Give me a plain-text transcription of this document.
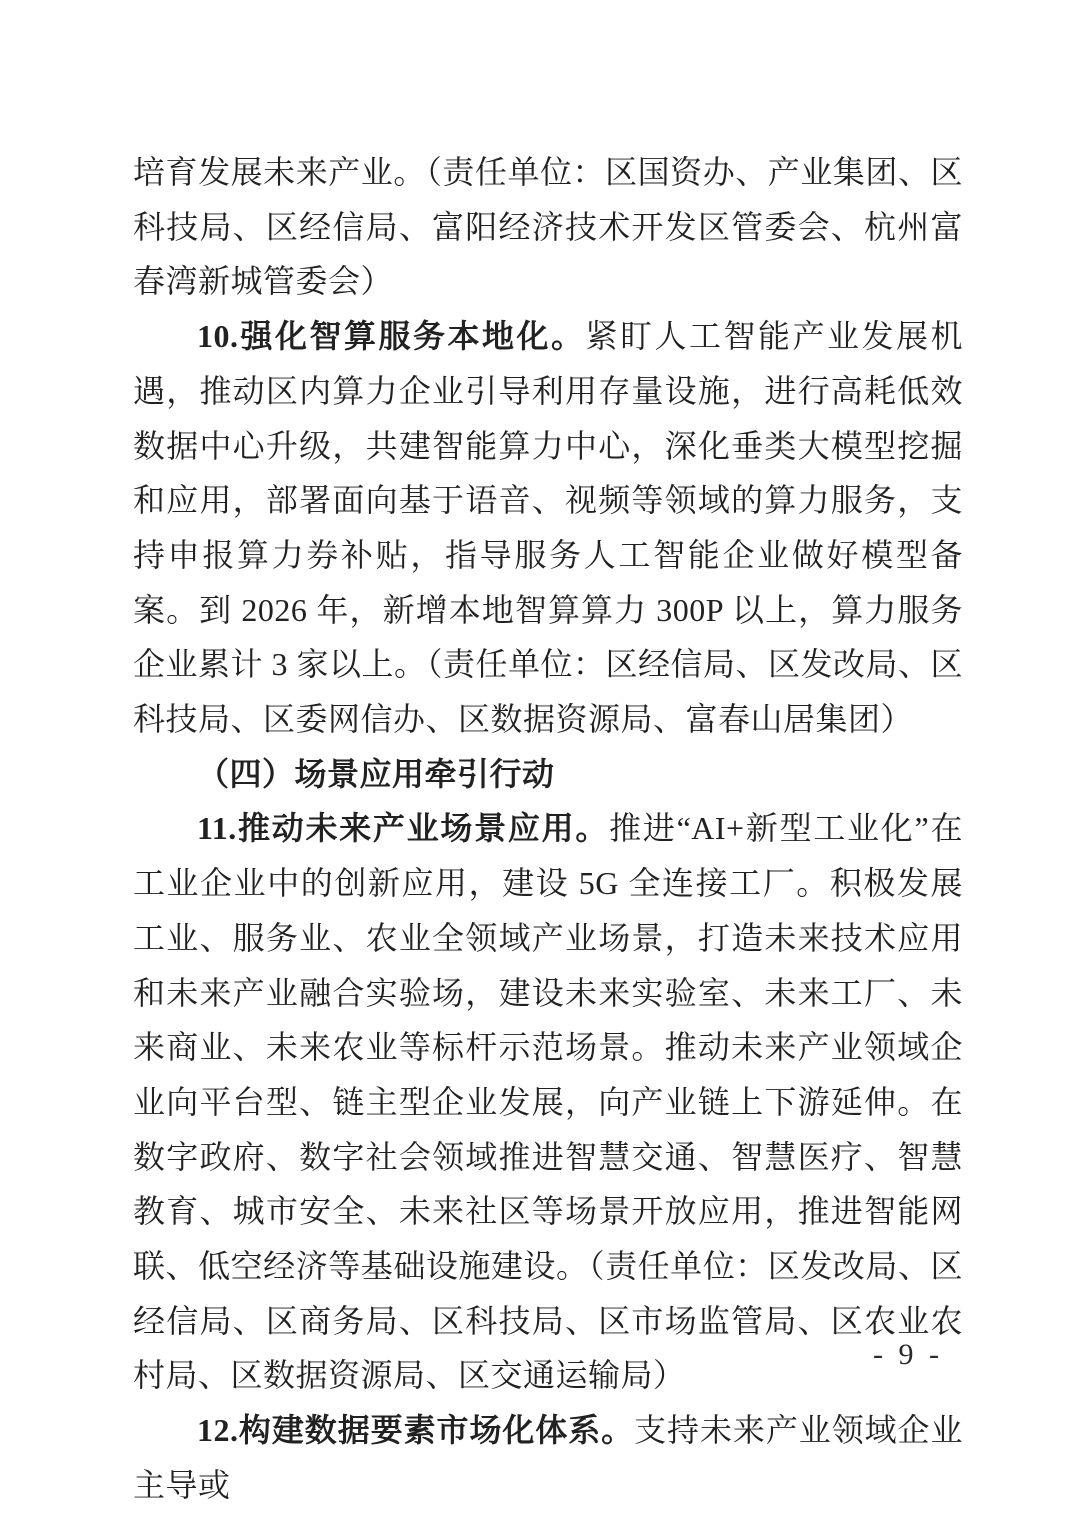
培育发展未来产业。（责任单位：区国资办、产业集团、区科技局、区经信局、富阳经济技术开发区管委会、杭州富春湾新城管委会）

10.强化智算服务本地化。紧盯人工智能产业发展机遇，推动区内算力企业引导利用存量设施，进行高耗低效数据中心升级，共建智能算力中心，深化垂类大模型挖掘和应用，部署面向基于语音、视频等领域的算力服务，支持申报算力券补贴，指导服务人工智能企业做好模型备案。到 2026 年，新增本地智算算力 300P 以上，算力服务企业累计 3 家以上。（责任单位：区经信局、区发改局、区科技局、区委网信办、区数据资源局、富春山居集团）

（四）场景应用牵引行动

11.推动未来产业场景应用。推进“AI+新型工业化”在工业企业中的创新应用，建设 5G 全连接工厂。积极发展工业、服务业、农业全领域产业场景，打造未来技术应用和未来产业融合实验场，建设未来实验室、未来工厂、未来商业、未来农业等标杆示范场景。推动未来产业领域企业向平台型、链主型企业发展，向产业链上下游延伸。在数字政府、数字社会领域推进智慧交通、智慧医疗、智慧教育、城市安全、未来社区等场景开放应用，推进智能网联、低空经济等基础设施建设。（责任单位：区发改局、区经信局、区商务局、区科技局、区市场监管局、区农业农村局、区数据资源局、区交通运输局）

12.构建数据要素市场化体系。支持未来产业领域企业主导或

- 9 -
